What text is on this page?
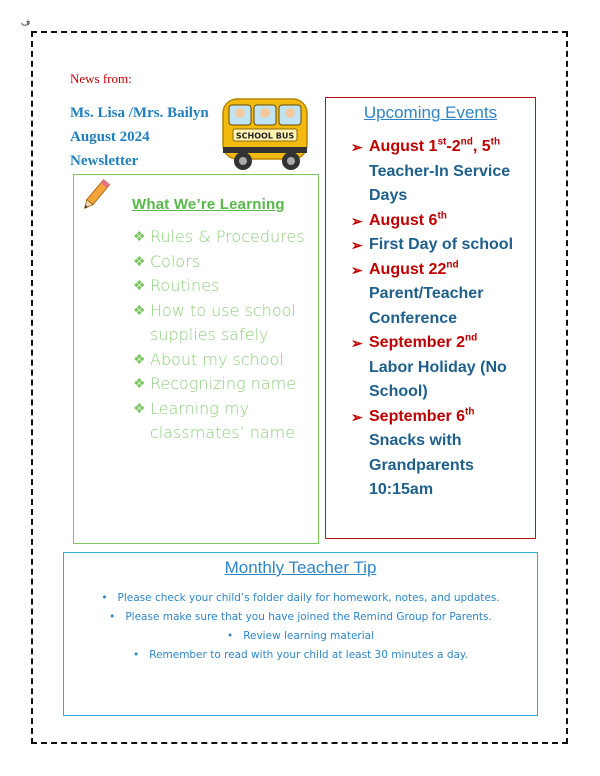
ف
News from:
Ms. Lisa /Mrs. Bailyn
August 2024
Newsletter
SCHOOL BUS
What We’re Learning
❖ Rules & Procedures
❖ Colors
❖ Routines
❖ How to use school supplies safely
❖ About my school
❖ Recognizing name
❖ Learning my classmates’ name
Upcoming Events
➢ August 1st-2nd, 5th
Teacher-In Service Days
➢ August 6th
➢ First Day of school
➢ August 22nd
Parent/Teacher Conference
➢ September 2nd
Labor Holiday (No School)
➢ September 6th
Snacks with Grandparents 10:15am
Monthly Teacher Tip
• Please check your child’s folder daily for homework, notes, and updates.
• Please make sure that you have joined the Remind Group for Parents.
• Review learning material
• Remember to read with your child at least 30 minutes a day.
